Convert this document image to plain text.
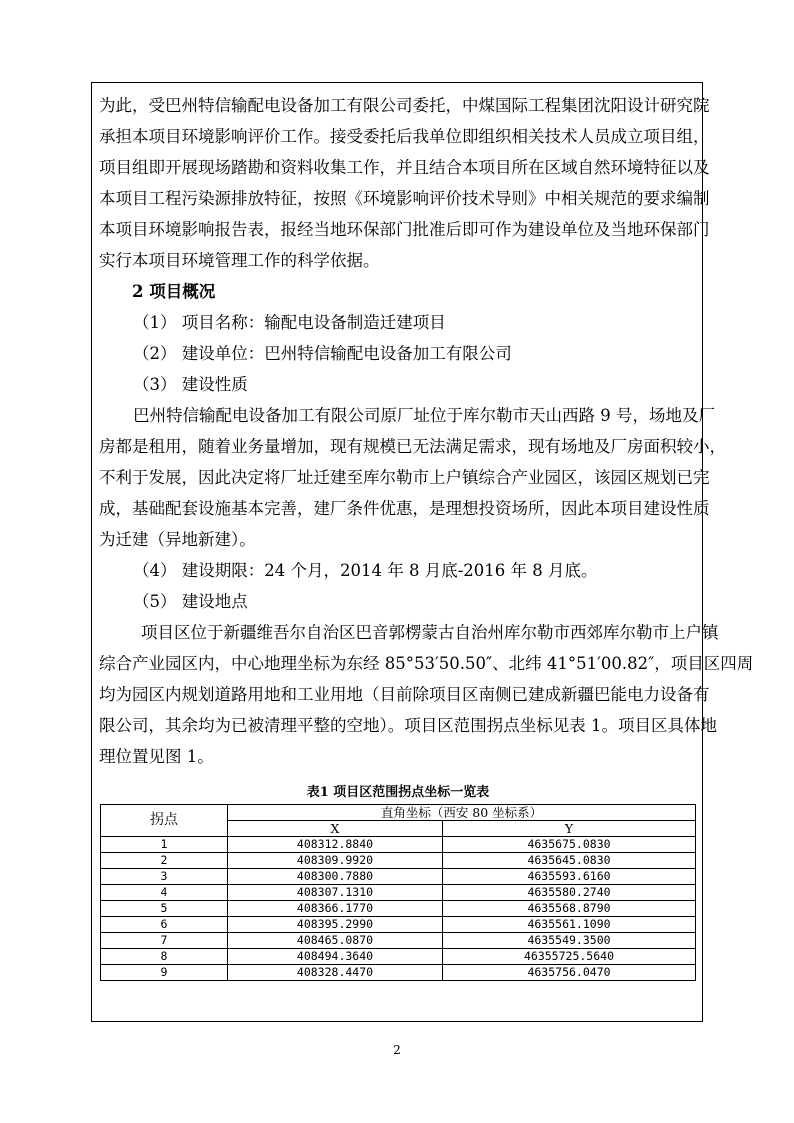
为此，受巴州特信输配电设备加工有限公司委托，中煤国际工程集团沈阳设计研究院
承担本项目环境影响评价工作。接受委托后我单位即组织相关技术人员成立项目组，
项目组即开展现场踏勘和资料收集工作，并且结合本项目所在区域自然环境特征以及
本项目工程污染源排放特征，按照《环境影响评价技术导则》中相关规范的要求编制
本项目环境影响报告表，报经当地环保部门批准后即可作为建设单位及当地环保部门
实行本项目环境管理工作的科学依据。
2 项目概况
（1） 项目名称：输配电设备制造迁建项目
（2） 建设单位：巴州特信输配电设备加工有限公司
（3） 建设性质
巴州特信输配电设备加工有限公司原厂址位于库尔勒市天山西路 9 号，场地及厂
房都是租用，随着业务量增加，现有规模已无法满足需求，现有场地及厂房面积较小，
不利于发展，因此决定将厂址迁建至库尔勒市上户镇综合产业园区，该园区规划已完
成，基础配套设施基本完善，建厂条件优惠，是理想投资场所，因此本项目建设性质
为迁建（异地新建）。
（4） 建设期限：24 个月，2014 年 8 月底-2016 年 8 月底。
（5） 建设地点
项目区位于新疆维吾尔自治区巴音郭楞蒙古自治州库尔勒市西郊库尔勒市上户镇
综合产业园区内，中心地理坐标为东经 85°53′50.50″、北纬 41°51′00.82″，项目区四周
均为园区内规划道路用地和工业用地（目前除项目区南侧已建成新疆巴能电力设备有
限公司，其余均为已被清理平整的空地）。项目区范围拐点坐标见表 1。项目区具体地
理位置见图 1。
表1 项目区范围拐点坐标一览表
拐点	直角坐标（西安 80 坐标系）	
	X	Y
1	408312.8840	4635675.0830
2	408309.9920	4635645.0830
3	408300.7880	4635593.6160
4	408307.1310	4635580.2740
5	408366.1770	4635568.8790
6	408395.2990	4635561.1090
7	408465.0870	4635549.3500
8	408494.3640	46355725.5640
9	408328.4470	4635756.0470
2
